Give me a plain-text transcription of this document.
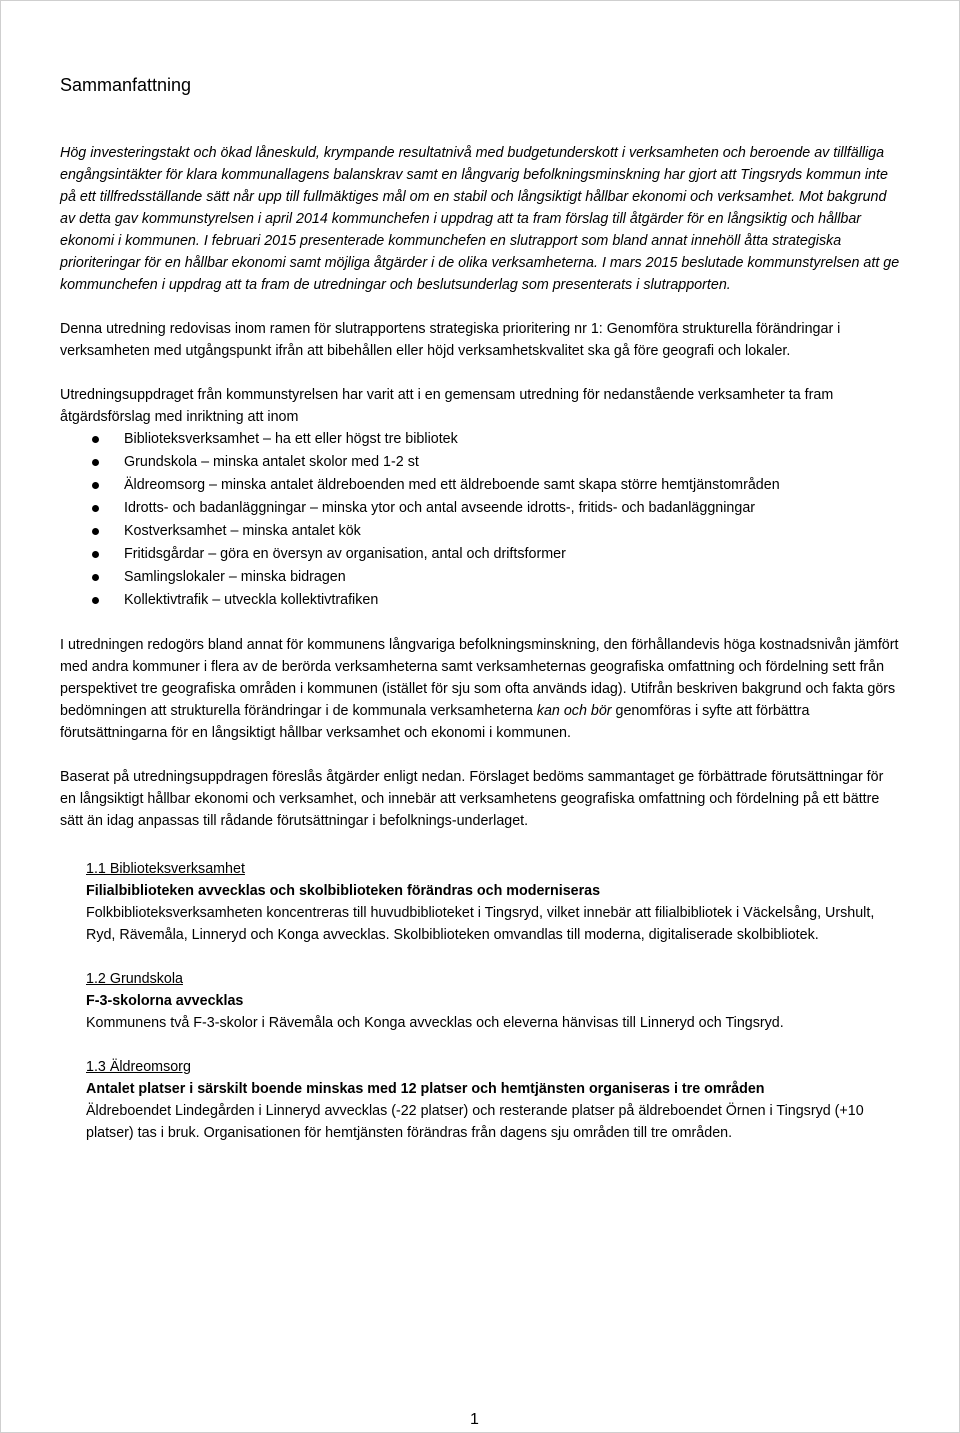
Sammanfattning

Hög investeringstakt och ökad låneskuld, krympande resultatnivå med budgetunderskott i verksamheten och beroende av tillfälliga engångsintäkter för klara kommunallagens balanskrav samt en långvarig befolkningsminskning har gjort att Tingsryds kommun inte på ett tillfredsställande sätt når upp till fullmäktiges mål om en stabil och långsiktigt hållbar ekonomi och verksamhet. Mot bakgrund av detta gav kommunstyrelsen i april 2014 kommunchefen i uppdrag att ta fram förslag till åtgärder för en långsiktig och hållbar ekonomi i kommunen. I februari 2015 presenterade kommunchefen en slutrapport som bland annat innehöll åtta strategiska prioriteringar för en hållbar ekonomi samt möjliga åtgärder i de olika verksamheterna. I mars 2015 beslutade kommunstyrelsen att ge kommunchefen i uppdrag att ta fram de utredningar och beslutsunderlag som presenterats i slutrapporten.

Denna utredning redovisas inom ramen för slutrapportens strategiska prioritering nr 1: Genomföra strukturella förändringar i verksamheten med utgångspunkt ifrån att bibehållen eller höjd verksamhetskvalitet ska gå före geografi och lokaler.

Utredningsuppdraget från kommunstyrelsen har varit att i en gemensam utredning för nedanstående verksamheter ta fram åtgärdsförslag med inriktning att inom

Biblioteksverksamhet – ha ett eller högst tre bibliotek
Grundskola – minska antalet skolor med 1-2 st
Äldreomsorg – minska antalet äldreboenden med ett äldreboende samt skapa större hemtjänstområden
Idrotts- och badanläggningar – minska ytor och antal avseende idrotts-, fritids- och badanläggningar
Kostverksamhet – minska antalet kök
Fritidsgårdar – göra en översyn av organisation, antal och driftsformer
Samlingslokaler – minska bidragen
Kollektivtrafik – utveckla kollektivtrafiken

I utredningen redogörs bland annat för kommunens långvariga befolkningsminskning, den förhållandevis höga kostnadsnivån jämfört med andra kommuner i flera av de berörda verksamheterna samt verksamheternas geografiska omfattning och fördelning sett från perspektivet tre geografiska områden i kommunen (istället för sju som ofta används idag). Utifrån beskriven bakgrund och fakta görs bedömningen att strukturella förändringar i de kommunala verksamheterna kan och bör genomföras i syfte att förbättra förutsättningarna för en långsiktigt hållbar verksamhet och ekonomi i kommunen.

Baserat på utredningsuppdragen föreslås åtgärder enligt nedan. Förslaget bedöms sammantaget ge förbättrade förutsättningar för en långsiktigt hållbar ekonomi och verksamhet, och innebär att verksamhetens geografiska omfattning och fördelning på ett bättre sätt än idag anpassas till rådande förutsättningar i befolknings-underlaget.

1.1 Biblioteksverksamhet

Filialbiblioteken avvecklas och skolbiblioteken förändras och moderniseras

Folkbiblioteksverksamheten koncentreras till huvudbiblioteket i Tingsryd, vilket innebär att filialbibliotek i Väckelsång, Urshult, Ryd, Rävemåla, Linneryd och Konga avvecklas. Skolbiblioteken omvandlas till moderna, digitaliserade skolbibliotek.

1.2 Grundskola

F-3-skolorna avvecklas

Kommunens två F-3-skolor i Rävemåla och Konga avvecklas och eleverna hänvisas till Linneryd och Tingsryd.

1.3 Äldreomsorg

Antalet platser i särskilt boende minskas med 12 platser och hemtjänsten organiseras i tre områden

Äldreboendet Lindegården i Linneryd avvecklas (-22 platser) och resterande platser på äldreboendet Örnen i Tingsryd (+10 platser) tas i bruk. Organisationen för hemtjänsten förändras från dagens sju områden till tre områden.

1
